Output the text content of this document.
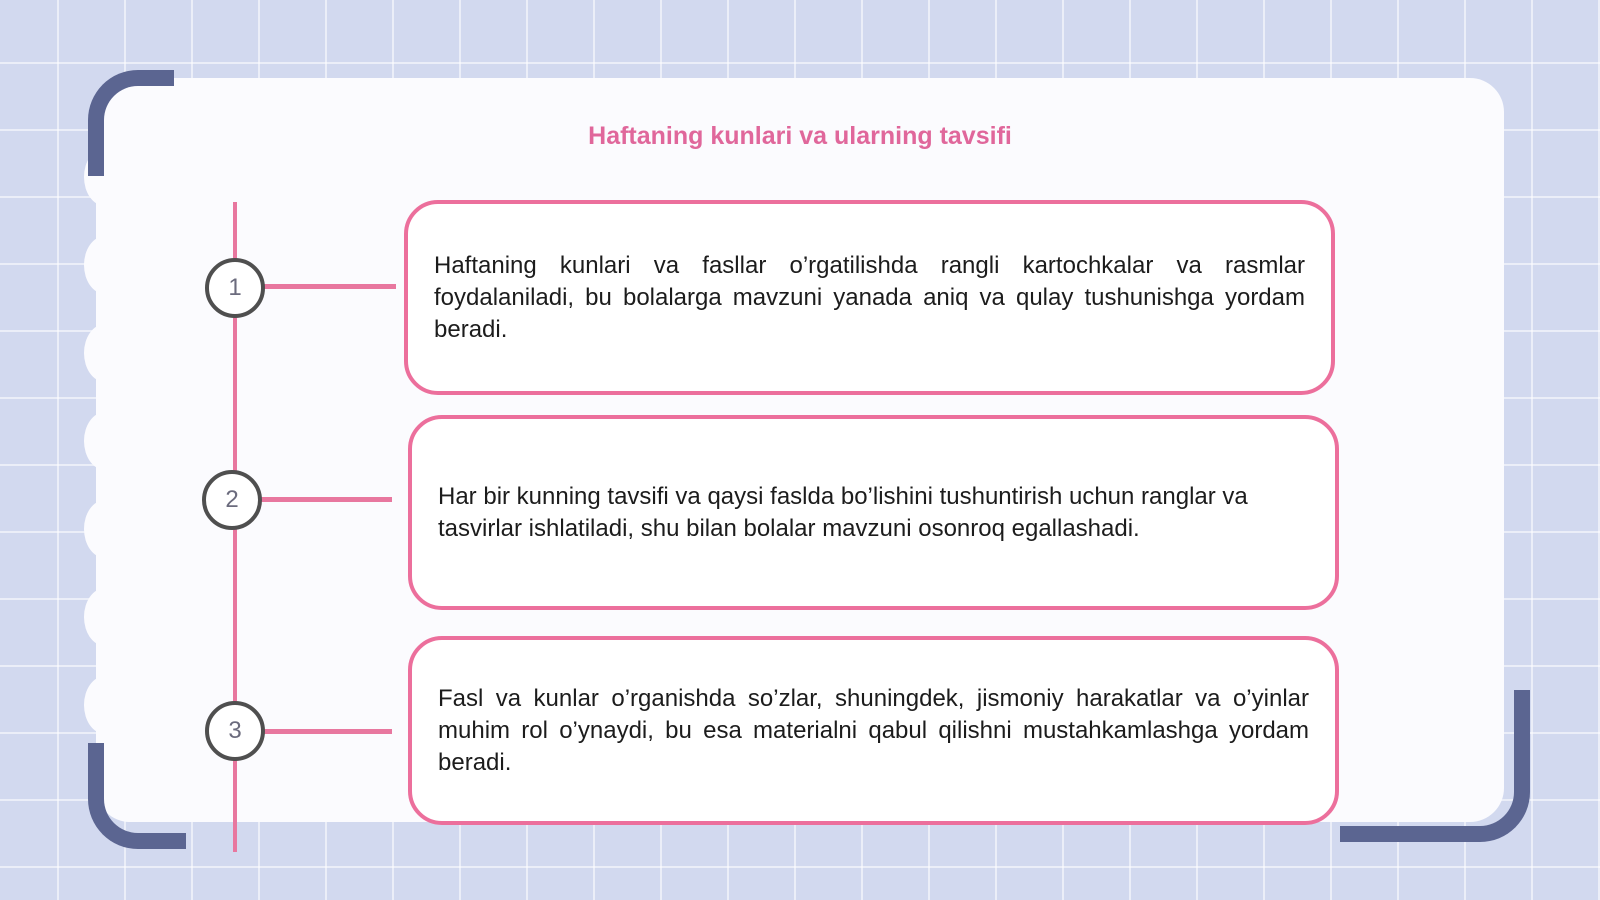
Haftaning kunlari va ularning tavsifi
1
2
3

Haftaning kunlari va fasllar o’rgatilishda rangli kartochkalar va rasmlar foydalaniladi, bu bolalarga mavzuni yanada aniq va qulay tushunishga yordam beradi.

Har bir kunning tavsifi va qaysi faslda bo’lishini tushuntirish uchun ranglar va tasvirlar ishlatiladi, shu bilan bolalar mavzuni osonroq egallashadi.

Fasl va kunlar o’rganishda so’zlar, shuningdek, jismoniy harakatlar va o’yinlar muhim rol o’ynaydi, bu esa materialni qabul qilishni mustahkamlashga yordam beradi.
